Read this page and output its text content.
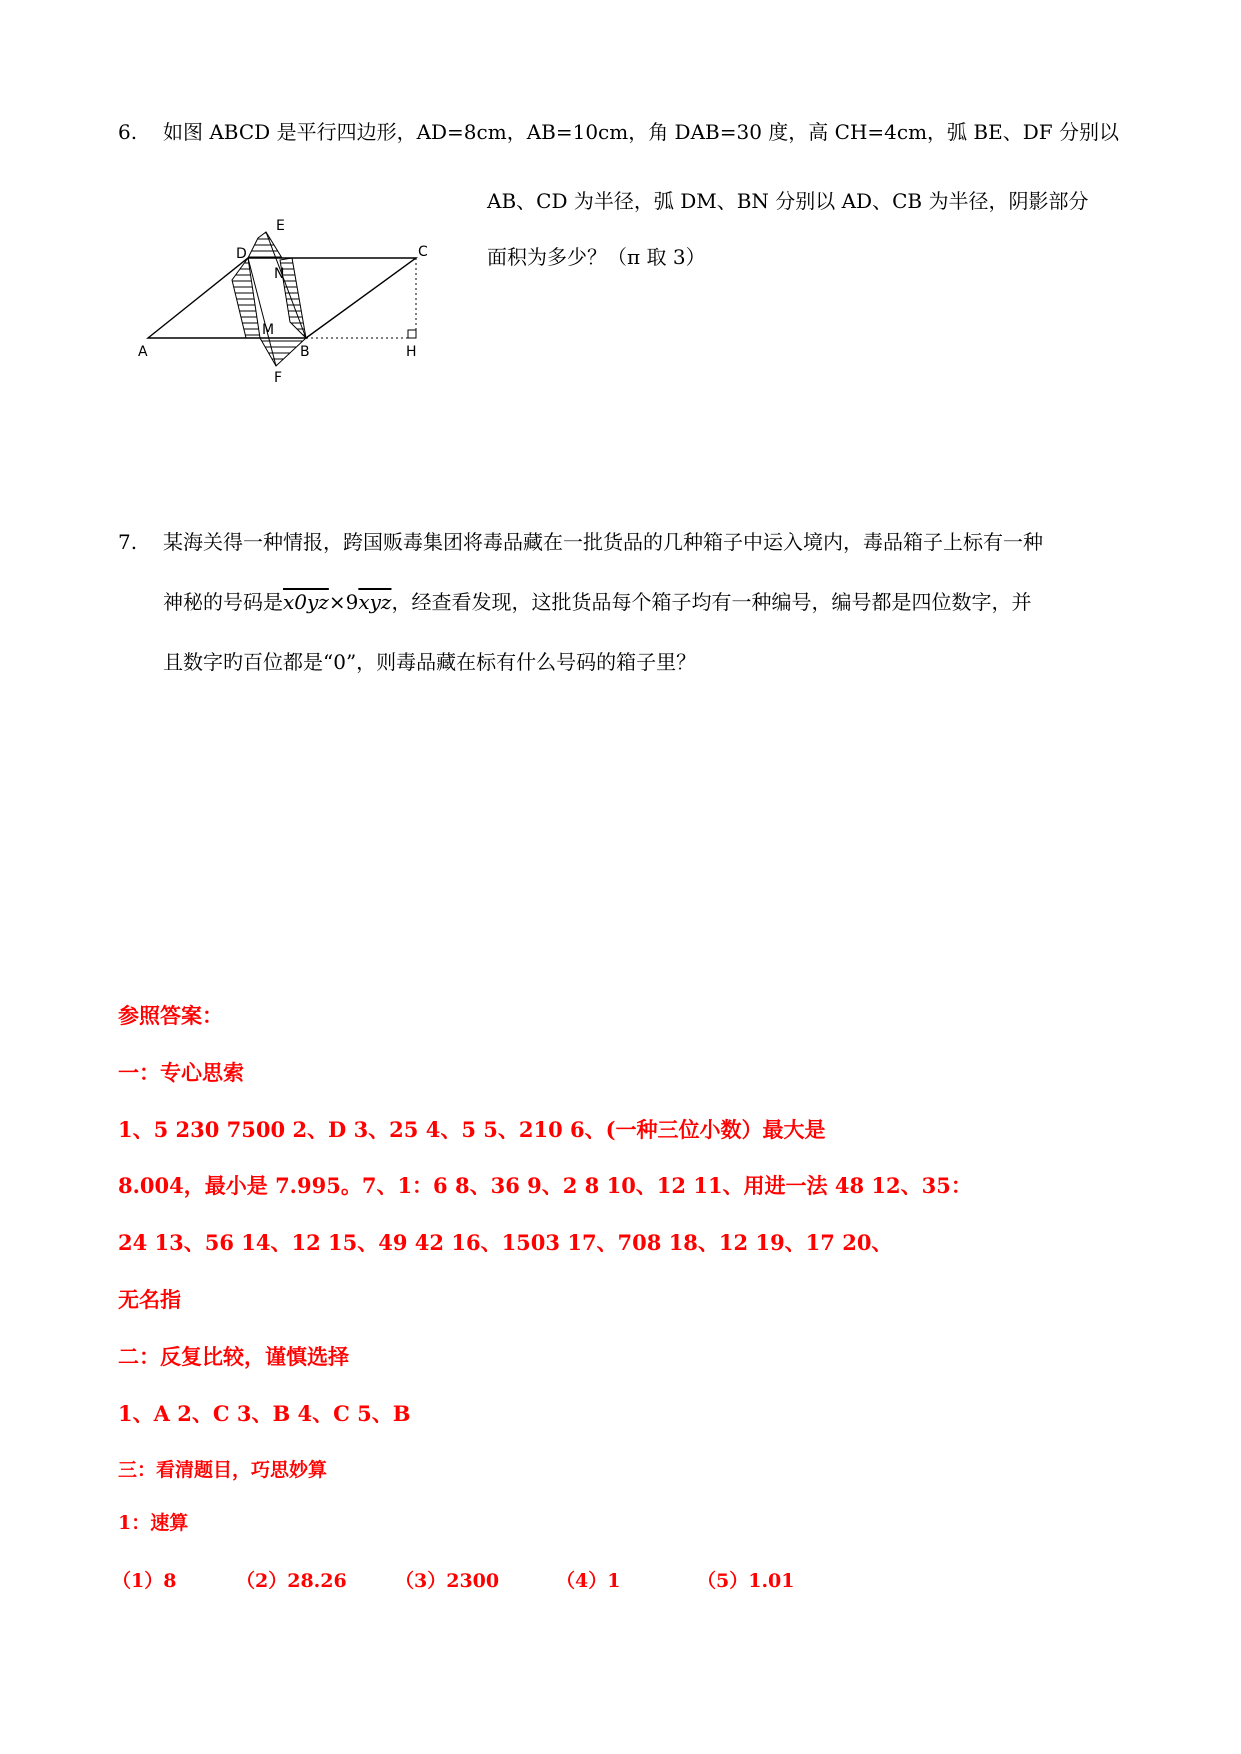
6. 如图 ABCD 是平行四边形，AD=8cm，AB=10cm，角 DAB=30 度，高 CH=4cm，弧 BE、DF 分别以
AB、CD 为半径，弧 DM、BN 分别以 AD、CB 为半径，阴影部分
面积为多少？（π 取 3）
A	B
C
D
E
F
H
M
N
7. 某海关得一种情报，跨国贩毒集团将毒品藏在一批货品的几种箱子中运入境内，毒品箱子上标有一种
神秘的号码是$x0yz\times 9\overline{xyz}$，经查看发现，这批货品每个箱子均有一种编号，编号都是四位数字，并
且数字旳百位都是“0”，则毒品藏在标有什么号码的箱子里？
参照答案：
一：专心思索
1、5 230 7500 2、D 3、25 4、5 5、210 6、(一种三位小数）最大是
8.004，最小是 7.995。7、1：6 8、36 9、2 8 10、12 11、用进一法 48 12、35：
24 13、56 14、12 15、49 42 16、1503 17、708 18、12 19、17 20、
无名指
二：反复比较，谨慎选择
1、A 2、C 3、B 4、C 5、B
三：看清题目，巧思妙算
1：速算
（1）8	（2）28.26	（3）2300	（4）1	（5）1.01
